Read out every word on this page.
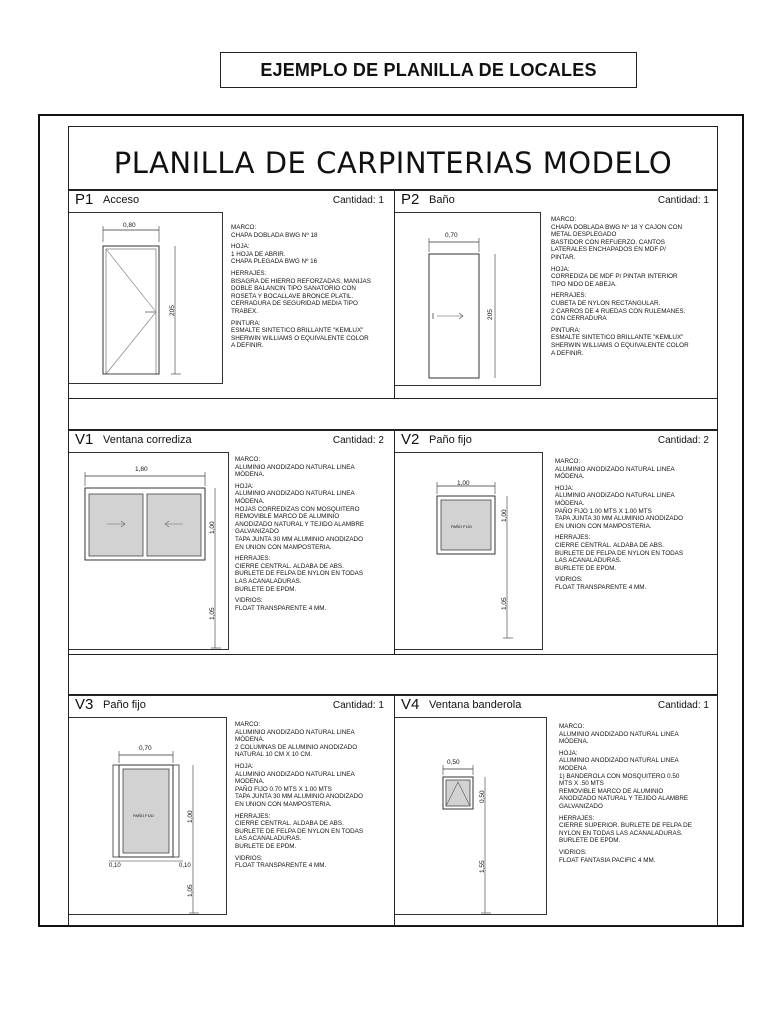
EJEMPLO DE PLANILLA DE LOCALES
PLANILLA DE CARPINTERIAS MODELO
P1 Acceso	Cantidad: 1
0,80
205
MARCO:
CHAPA DOBLADA BWG Nº 18
HOJA:
1 HOJA DE ABRIR.
CHAPA PLEGADA BWG Nº 16
HERRAJES:
BISAGRA DE HIERRO REFORZADAS, MANIJAS
DOBLE BALANCIN TIPO SANATORIO CON
ROSETA Y BOCALLAVE BRONCE PLATIL.
CERRADURA DE SEGURIDAD MEDIA TIPO
TRABEX.
PINTURA:
ESMALTE SINTETICO BRILLANTE "KEMLUX"
SHERWIN WILLIAMS O EQUIVALENTE COLOR
A DEFINIR.
P2 Baño	Cantidad: 1
0,70
205
MARCO:
CHAPA DOBLADA BWG Nº 18 Y CAJON CON
METAL DESPLEGADO
BASTIDOR CON REFUERZO. CANTOS
LATERALES ENCHAPADOS EN MDF P/
PINTAR.
HOJA:
CORREDIZA DE MDF P/ PINTAR INTERIOR
TIPO NIDO DE ABEJA.
HERRAJES:
CUBETA DE NYLON RECTANGULAR.
2 CARROS DE 4 RUEDAS CON RULEMANES.
CON CERRADURA
PINTURA:
ESMALTE SINTETICO BRILLANTE "KEMLUX"
SHERWIN WILLIAMS O EQUIVALENTE COLOR
A DEFINIR.
V1 Ventana corrediza	Cantidad: 2
1,80
1,00
1,05
MARCO:
ALUMINIO ANODIZADO NATURAL LINEA
MÓDENA.
HOJA:
ALUMINIO ANODIZADO NATURAL LINEA
MÓDENA.
HOJAS CORREDIZAS CON MOSQUITERO
REMOVIBLE MARCO DE ALUMINIO
ANODIZADO NATURAL Y TEJIDO ALAMBRE
GALVANIZADO
TAPA JUNTA 30 MM ALUMINIO ANODIZADO
EN UNION CON MAMPOSTERIA.
HERRAJES:
CIERRE CENTRAL. ALDABA DE ABS.
BURLETE DE FELPA DE NYLON EN TODAS
LAS ACANALADURAS.
BURLETE DE EPDM.
VIDRIOS:
FLOAT TRANSPARENTE 4 MM.
V2 Paño fijo	Cantidad: 2
1,00
PAÑO FIJO
1,00
1,05
MARCO:
ALUMINIO ANODIZADO NATURAL LINEA
MÓDENA.
HOJA:
ALUMINIO ANODIZADO NATURAL LINEA
MÓDENA.
PAÑO FIJO 1.00 MTS X 1.00 MTS
TAPA JUNTA 30 MM ALUMINIO ANODIZADO
EN UNION CON MAMPOSTERIA.
HERRAJES:
CIERRE CENTRAL. ALDABA DE ABS.
BURLETE DE FELPA DE NYLON EN TODAS
LAS ACANALADURAS.
BURLETE DE EPDM.
VIDRIOS:
FLOAT TRANSPARENTE 4 MM.
V3 Paño fijo	Cantidad: 1
0,70
PAÑO FIJO
0,10	0,10
1,00
1,05
MARCO:
ALUMINIO ANODIZADO NATURAL LINEA
MÓDENA.
2 COLUMNAS DE ALUMINIO ANODIZADO
NATURAL 10 CM X 10 CM.
HOJA:
ALUMINIO ANODIZADO NATURAL LINEA
MODENA.
PAÑO FIJO 0.70 MTS X 1.00 MTS
TAPA JUNTA 30 MM ALUMINIO ANODIZADO
EN UNION CON MAMPOSTERIA.
HERRAJES:
CIERRE CENTRAL. ALDABA DE ABS.
BURLETE DE FELPA DE NYLON EN TODAS
LAS ACANALADURAS.
BURLETE DE EPDM.
VIDRIOS:
FLOAT TRANSPARENTE 4 MM.
V4 Ventana banderola	Cantidad: 1
0,50
0,50
1,55
MARCO:
ALUMINIO ANODIZADO NATURAL LINEA
MÓDENA.
HOJA:
ALUMINIO ANODIZADO NATURAL LINEA
MODENA
1) BANDEROLA CON MOSQUITERO 0.50
MTS X .50 MTS
REMOVIBLE MARCO DE ALUMINIO
ANODIZADO NATURAL Y TEJIDO ALAMBRE
GALVANIZADO
HERRAJES:
CIERRE SUPERIOR. BURLETE DE FELPA DE
NYLON EN TODAS LAS ACANALADURAS.
BURLETE DE EPDM.
VIDRIOS:
FLOAT FANTASIA PACIFIC 4 MM.
